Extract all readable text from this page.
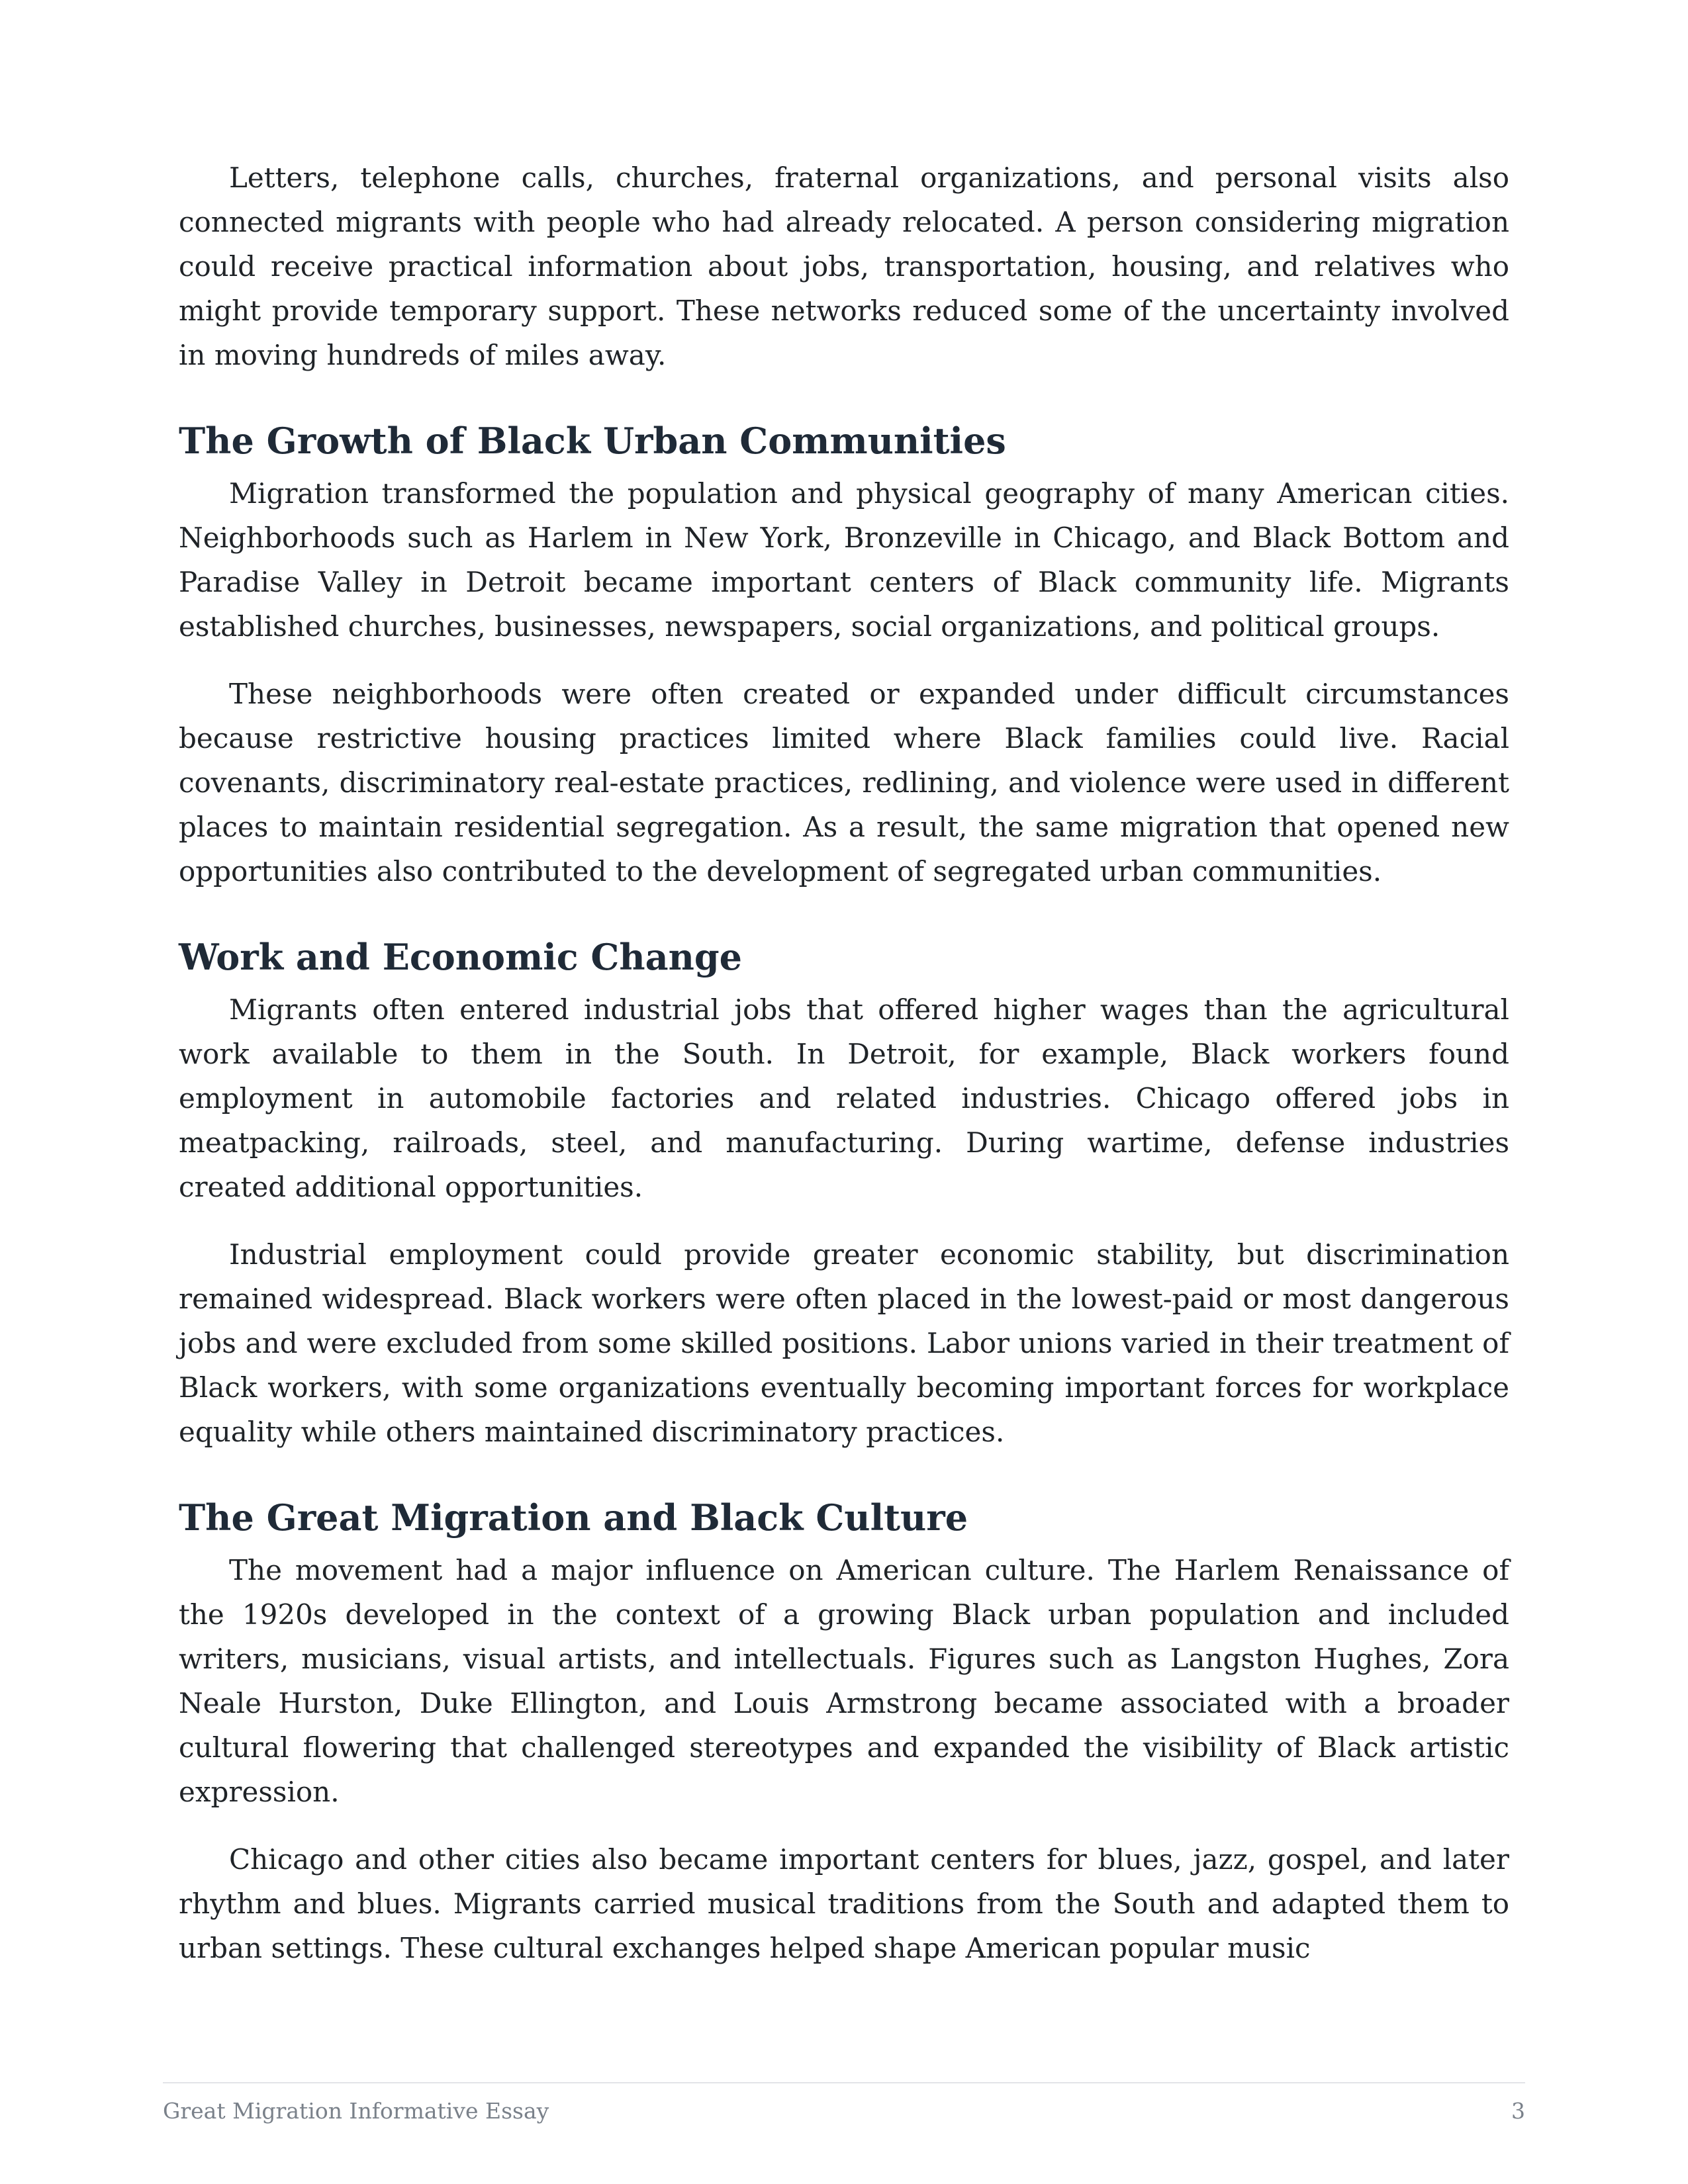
Letters, telephone calls, churches, fraternal organizations, and personal visits also connected migrants with people who had already relocated. A person considering migration could receive practical information about jobs, transportation, housing, and relatives who might provide temporary support. These networks reduced some of the uncertainty involved in moving hundreds of miles away.

The Growth of Black Urban Communities

Migration transformed the population and physical geography of many American cities. Neighborhoods such as Harlem in New York, Bronzeville in Chicago, and Black Bottom and Paradise Valley in Detroit became important centers of Black community life. Migrants established churches, businesses, newspapers, social organizations, and political groups.

These neighborhoods were often created or expanded under difficult circumstances because restrictive housing practices limited where Black families could live. Racial covenants, discriminatory real-estate practices, redlining, and violence were used in different places to maintain residential segregation. As a result, the same migration that opened new opportunities also contributed to the development of segregated urban communities.

Work and Economic Change

Migrants often entered industrial jobs that offered higher wages than the agricultural work available to them in the South. In Detroit, for example, Black workers found employment in automobile factories and related industries. Chicago offered jobs in meatpacking, railroads, steel, and manufacturing. During wartime, defense industries created additional opportunities.

Industrial employment could provide greater economic stability, but discrimination remained widespread. Black workers were often placed in the lowest-paid or most dangerous jobs and were excluded from some skilled positions. Labor unions varied in their treatment of Black workers, with some organizations eventually becoming important forces for workplace equality while others maintained discriminatory practices.

The Great Migration and Black Culture

The movement had a major influence on American culture. The Harlem Renaissance of the 1920s developed in the context of a growing Black urban population and included writers, musicians, visual artists, and intellectuals. Figures such as Langston Hughes, Zora Neale Hurston, Duke Ellington, and Louis Armstrong became associated with a broader cultural flowering that challenged stereotypes and expanded the visibility of Black artistic expression.

Chicago and other cities also became important centers for blues, jazz, gospel, and later rhythm and blues. Migrants carried musical traditions from the South and adapted them to urban settings. These cultural exchanges helped shape American popular music

Great Migration Informative Essay	3
